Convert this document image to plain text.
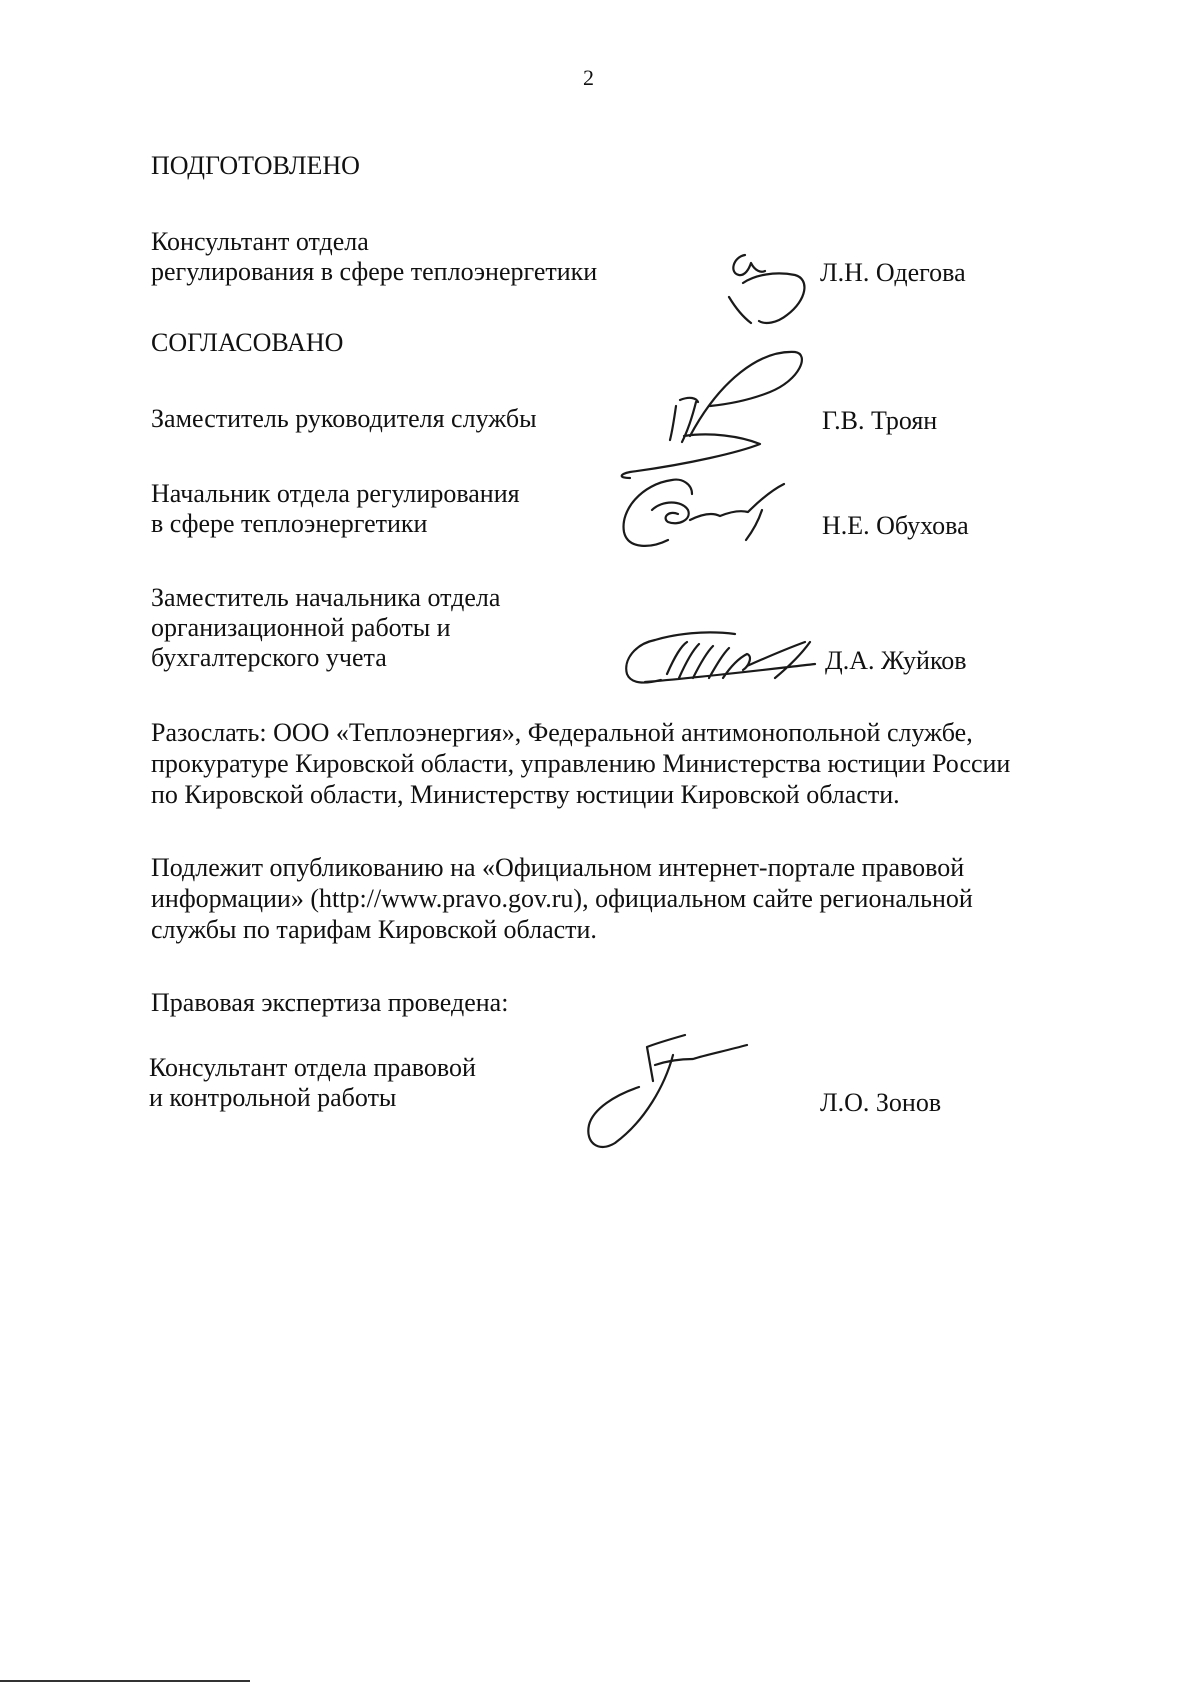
2

ПОДГОТОВЛЕНО

Консультант отдела

регулирования в сфере теплоэнергетики	Л.Н. Одегова

СОГЛАСОВАНО

Заместитель руководителя службы	Г.В. Троян

Начальник отдела регулирования

в сфере теплоэнергетики	Н.Е. Обухова

Заместитель начальника отдела

организационной работы и

бухгалтерского учета	Д.А. Жуйков

Разослать: ООО «Теплоэнергия», Федеральной антимонопольной службе,

прокуратуре Кировской области, управлению Министерства юстиции России

по Кировской области, Министерству юстиции Кировской области.

Подлежит опубликованию на «Официальном интернет-портале правовой

информации» (http://www.pravo.gov.ru), официальном сайте региональной

службы по тарифам Кировской области.

Правовая экспертиза проведена:

Консультант отдела правовой

и контрольной работы	Л.О. Зонов
